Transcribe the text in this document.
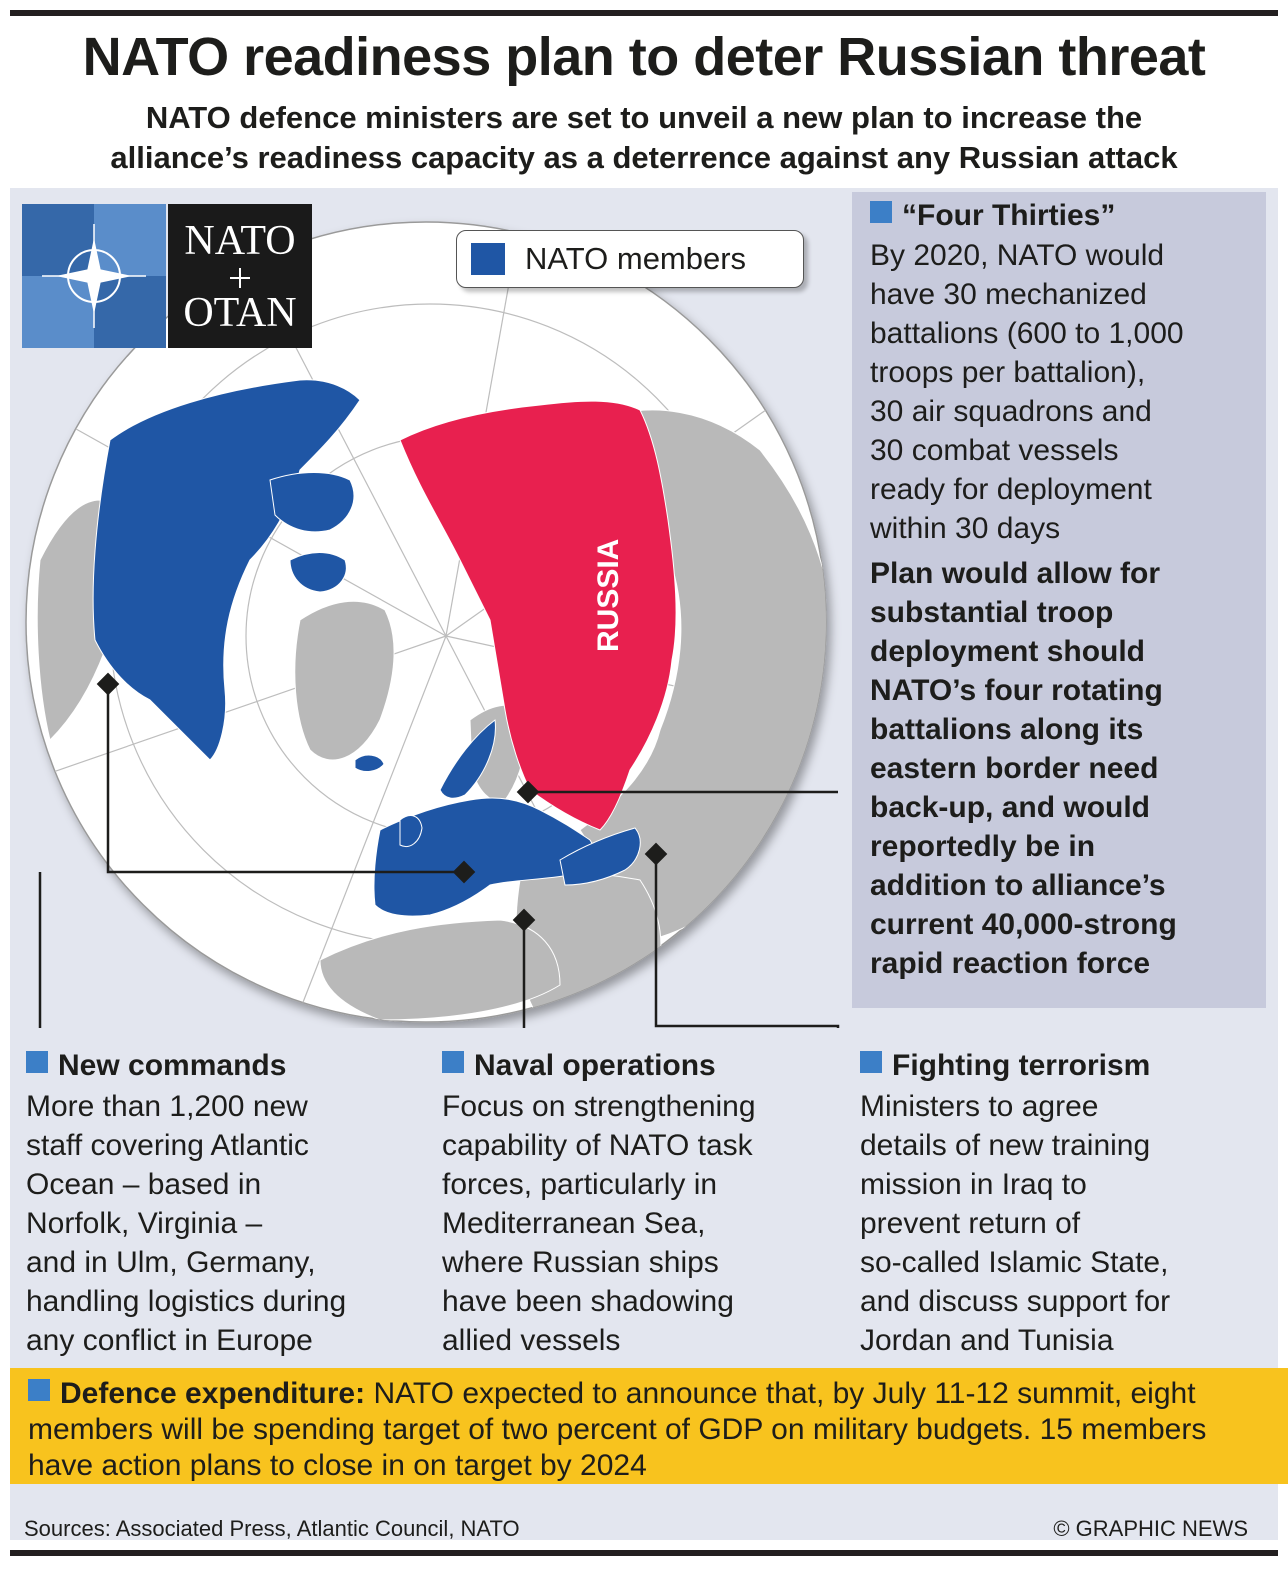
NATO readiness plan to deter Russian threat
NATO defence ministers are set to unveil a new plan to increase the
alliance’s readiness capacity as a deterrence against any Russian attack
RUSSIA
NATO
OTAN
NATO members
“Four Thirties”
By 2020, NATO would
have 30 mechanized
battalions (600 to 1,000
troops per battalion),
30 air squadrons and
30 combat vessels
ready for deployment
within 30 days
Plan would allow for
substantial troop
deployment should
NATO’s four rotating
battalions along its
eastern border need
back-up, and would
reportedly be in
addition to alliance’s
current 40,000-strong
rapid reaction force
New commands
More than 1,200 new
staff covering Atlantic
Ocean – based in
Norfolk, Virginia –
and in Ulm, Germany,
handling logistics during
any conflict in Europe
Naval operations
Focus on strengthening
capability of NATO task
forces, particularly in
Mediterranean Sea,
where Russian ships
have been shadowing
allied vessels
Fighting terrorism
Ministers to agree
details of new training
mission in Iraq to
prevent return of
so-called Islamic State,
and discuss support for
Jordan and Tunisia
Defence expenditure: NATO expected to announce that, by July 11-12 summit, eight members will be spending target of two percent of GDP on military budgets. 15 members have action plans to close in on target by 2024
Sources: Associated Press, Atlantic Council, NATO	© GRAPHIC NEWS
